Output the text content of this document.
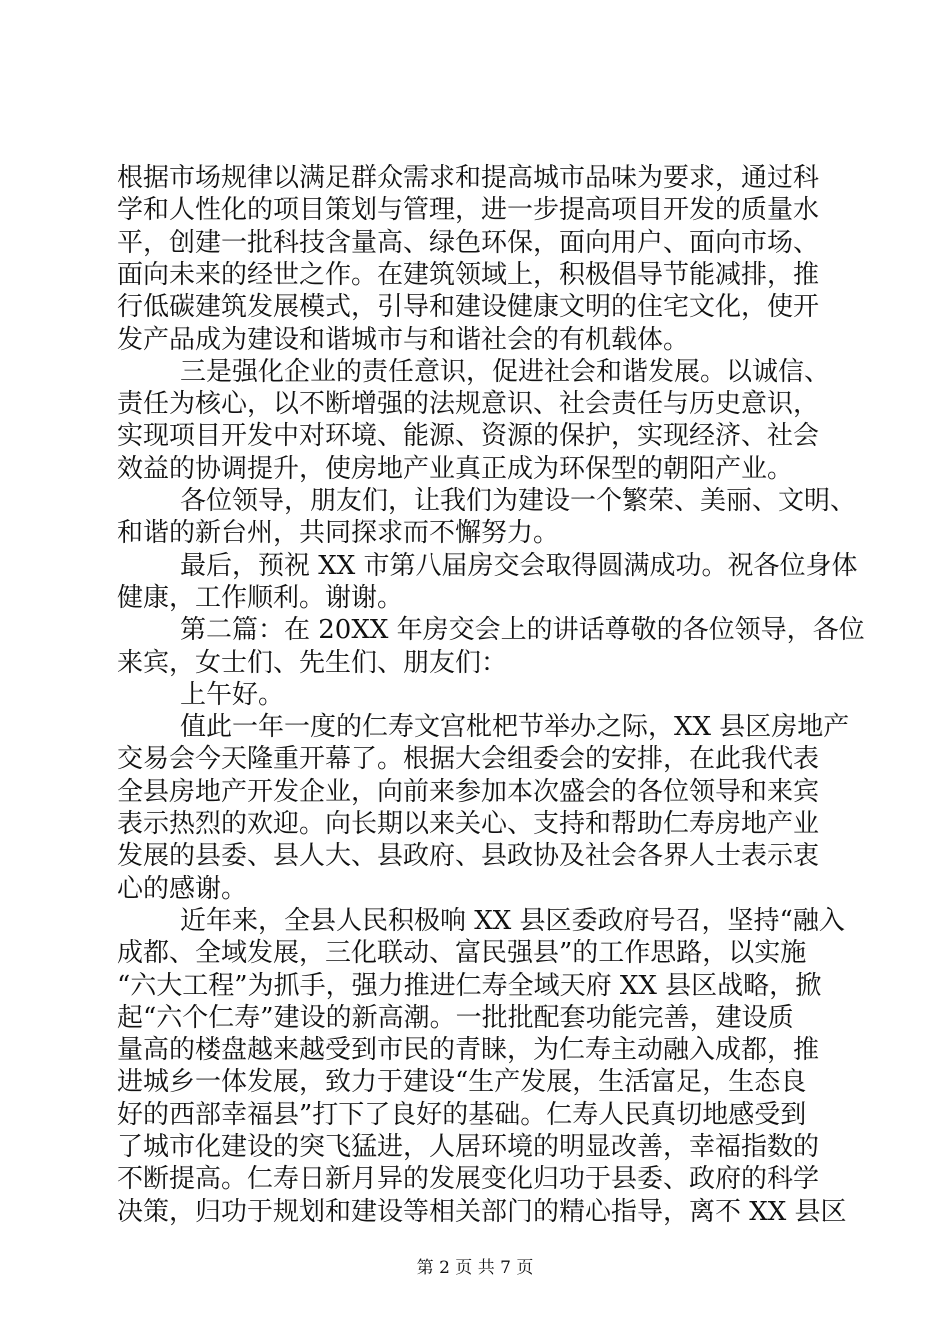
根据市场规律以满足群众需求和提高城市品味为要求，通过科
学和人性化的项目策划与管理，进一步提高项目开发的质量水
平，创建一批科技含量高、绿色环保，面向用户、面向市场、
面向未来的经世之作。在建筑领域上，积极倡导节能减排，推
行低碳建筑发展模式，引导和建设健康文明的住宅文化，使开
发产品成为建设和谐城市与和谐社会的有机载体。
三是强化企业的责任意识，促进社会和谐发展。以诚信、
责任为核心，以不断增强的法规意识、社会责任与历史意识，
实现项目开发中对环境、能源、资源的保护，实现经济、社会
效益的协调提升，使房地产业真正成为环保型的朝阳产业。
各位领导，朋友们，让我们为建设一个繁荣、美丽、文明、
和谐的新台州，共同探求而不懈努力。
最后，预祝 XX 市第八届房交会取得圆满成功。祝各位身体
健康，工作顺利。谢谢。
第二篇：在 20XX 年房交会上的讲话尊敬的各位领导，各位
来宾，女士们、先生们、朋友们：
上午好。
值此一年一度的仁寿文宫枇杷节举办之际，XX 县区房地产
交易会今天隆重开幕了。根据大会组委会的安排，在此我代表
全县房地产开发企业，向前来参加本次盛会的各位领导和来宾
表示热烈的欢迎。向长期以来关心、支持和帮助仁寿房地产业
发展的县委、县人大、县政府、县政协及社会各界人士表示衷
心的感谢。
近年来，全县人民积极响 XX 县区委政府号召，坚持“融入
成都、全域发展，三化联动、富民强县”的工作思路，以实施
“六大工程”为抓手，强力推进仁寿全域天府 XX 县区战略，掀
起“六个仁寿”建设的新高潮。一批批配套功能完善，建设质
量高的楼盘越来越受到市民的青睐，为仁寿主动融入成都，推
进城乡一体发展，致力于建设“生产发展，生活富足，生态良
好的西部幸福县”打下了良好的基础。仁寿人民真切地感受到
了城市化建设的突飞猛进，人居环境的明显改善，幸福指数的
不断提高。仁寿日新月异的发展变化归功于县委、政府的科学
决策，归功于规划和建设等相关部门的精心指导，离不 XX 县区
第 2 页 共 7 页
